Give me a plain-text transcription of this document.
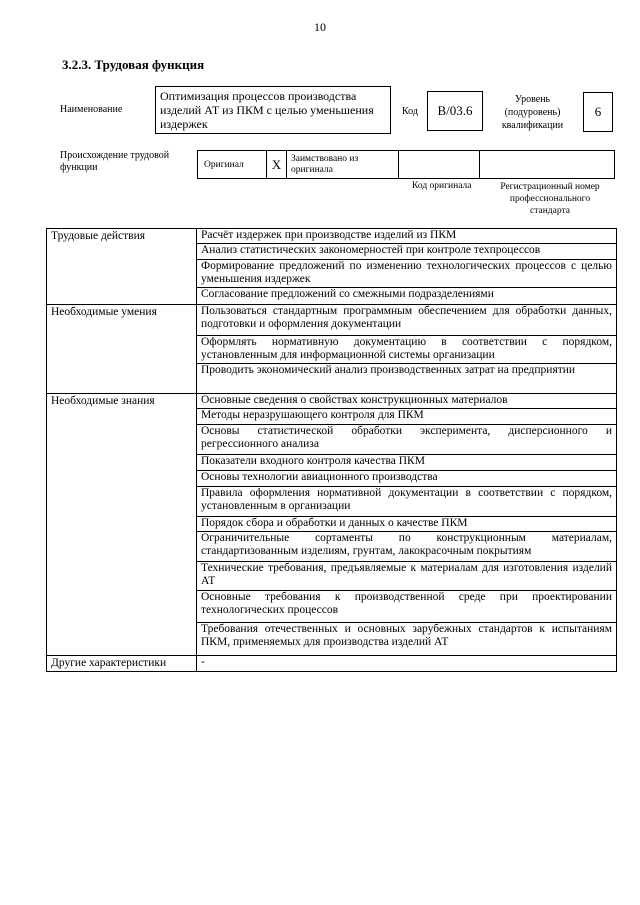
10
3.2.3. Трудовая функция
Наименование
Оптимизация процессов производства изделий АТ из ПКМ с целью уменьшения издержек
Код	B/03.6
Уровень (подуровень) квалификации
6
Происхождение трудовой функции	Оригинал	X	Заимствовано из оригинала
Код оригинала	Регистрационный номер профессионального стандарта
Трудовые действия	Расчёт издержек при производстве изделий из ПКМ
Анализ статистических закономерностей при контроле техпроцессов
Формирование предложений по изменению технологических процессов с целью уменьшения издержек
Согласование предложений со смежными подразделениями
Необходимые умения	Пользоваться стандартным программным обеспечением для обработки данных, подготовки и оформления документации
Оформлять нормативную документацию в соответствии с порядком, установленным для информационной системы организации
Проводить экономический анализ производственных затрат на предприятии
Необходимые знания	Основные сведения о свойствах конструкционных материалов
Методы неразрушающего контроля для ПКМ
Основы статистической обработки эксперимента, дисперсионного и регрессионного анализа
Показатели входного контроля качества ПКМ
Основы технологии авиационного производства
Правила оформления нормативной документации в соответствии с порядком, установленным в организации
Порядок сбора и обработки и данных о качестве ПКМ
Ограничительные сортаменты по конструкционным материалам, стандартизованным изделиям, грунтам, лакокрасочным покрытиям
Технические требования, предъявляемые к материалам для изготовления изделий АТ
Основные требования к производственной среде при проектировании технологических процессов
Требования отечественных и основных зарубежных стандартов к испытаниям ПКМ, применяемых для производства изделий АТ
Другие характеристики	-
